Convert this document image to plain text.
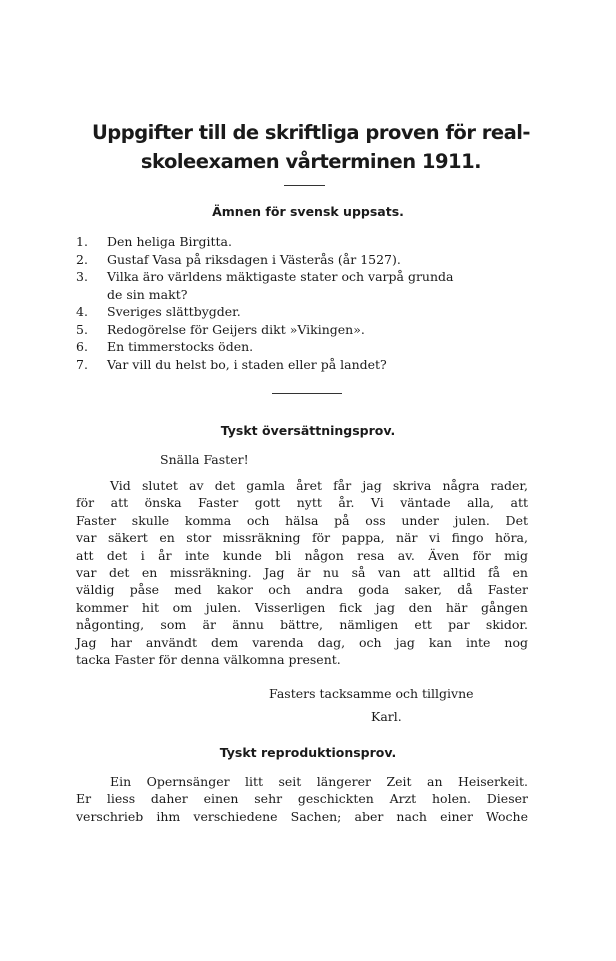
Uppgifter till de skriftliga proven för real-
skoleexamen vårterminen 1911.
Ämnen för svensk uppsats.
1. Den heliga Birgitta.
2. Gustaf Vasa på riksdagen i Västerås (år 1527).
3. Vilka äro världens mäktigaste stater och varpå grunda
de sin makt?
4. Sveriges slättbygder.
5. Redogörelse för Geijers dikt »Vikingen».
6. En timmerstocks öden.
7. Var vill du helst bo, i staden eller på landet?
Tyskt översättningsprov.

Snälla Faster!

Vid slutet av det gamla året får jag skriva några rader,
för att önska Faster gott nytt år. Vi väntade alla, att
Faster skulle komma och hälsa på oss under julen. Det
var säkert en stor missräkning för pappa, när vi fingo höra,
att det i år inte kunde bli någon resa av. Även för mig
var det en missräkning. Jag är nu så van att alltid få en
väldig påse med kakor och andra goda saker, då Faster
kommer hit om julen. Visserligen fick jag den här gången
någonting, som är ännu bättre, nämligen ett par skidor.
Jag har användt dem varenda dag, och jag kan inte nog
tacka Faster för denna välkomna present.

Fasters tacksamme och tillgivne

Karl.

Tyskt reproduktionsprov.

Ein Opernsänger litt seit längerer Zeit an Heiserkeit.
Er liess daher einen sehr geschickten Arzt holen. Dieser
verschrieb ihm verschiedene Sachen; aber nach einer Woche
